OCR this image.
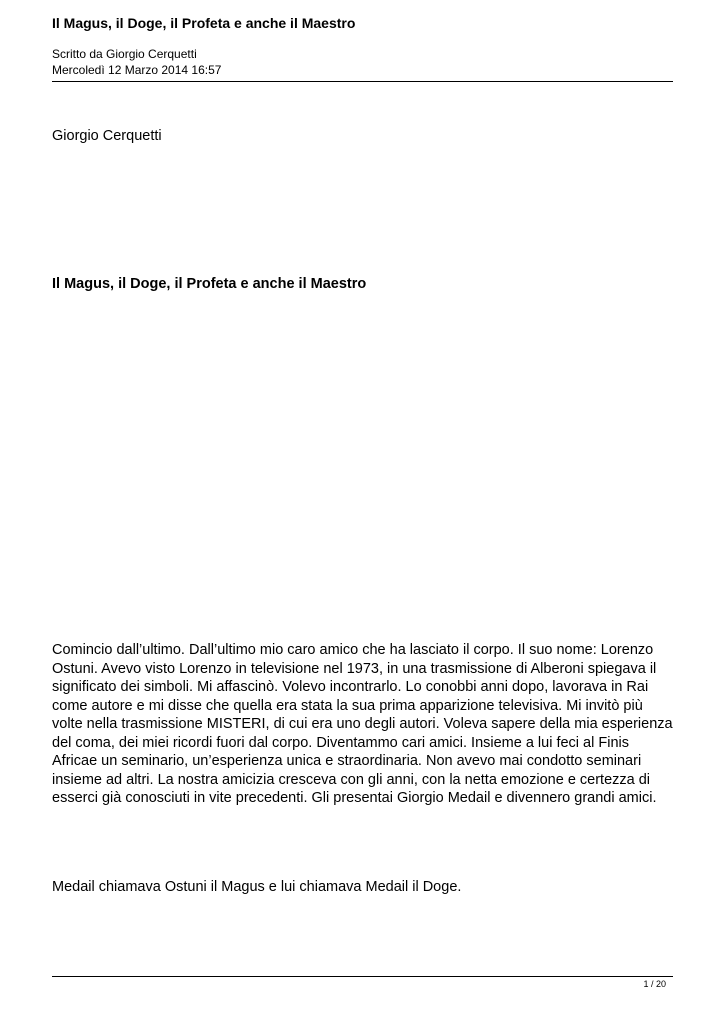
Il Magus, il Doge, il Profeta e anche il Maestro
Scritto da Giorgio Cerquetti
Mercoledì 12 Marzo 2014 16:57
Giorgio Cerquetti
Il Magus, il Doge, il Profeta e anche il Maestro
Comincio dall’ultimo. Dall’ultimo mio caro amico che ha lasciato il corpo. Il suo nome: Lorenzo Ostuni. Avevo visto Lorenzo in televisione nel 1973, in una trasmissione di Alberoni spiegava il significato dei simboli. Mi affascinò. Volevo incontrarlo. Lo conobbi anni dopo, lavorava in Rai come autore e mi disse che quella era stata la sua prima apparizione televisiva. Mi invitò più volte nella trasmissione MISTERI, di cui era uno degli autori. Voleva sapere della mia esperienza del coma, dei miei ricordi fuori dal corpo. Diventammo cari amici. Insieme a lui feci al Finis Africae un seminario, un’esperienza unica e straordinaria. Non avevo mai condotto seminari insieme ad altri. La nostra amicizia cresceva con gli anni, con la netta emozione e certezza di esserci già conosciuti in vite precedenti. Gli presentai Giorgio Medail e divennero grandi amici.
Medail chiamava Ostuni il Magus e lui chiamava Medail il Doge.
1 / 20
